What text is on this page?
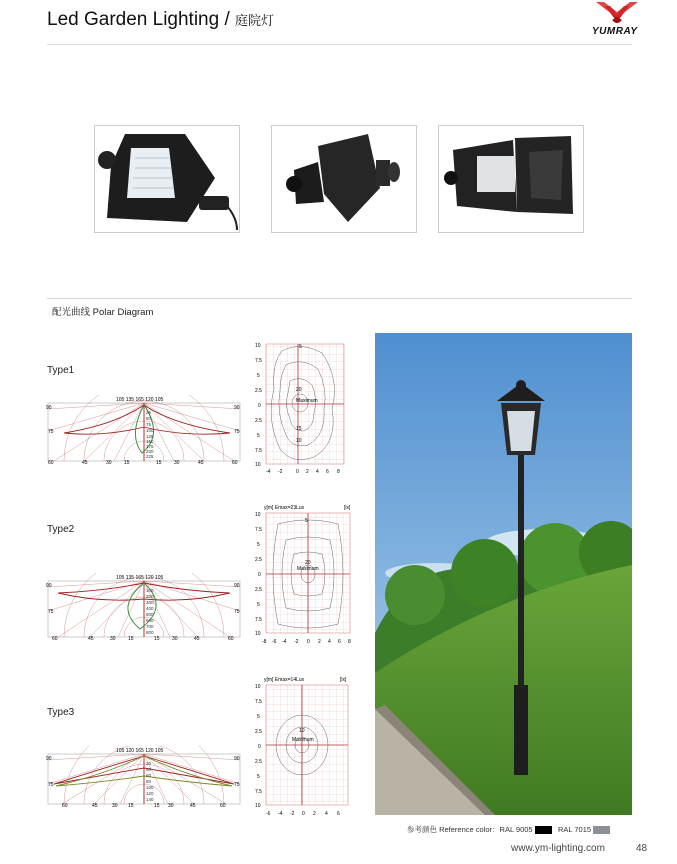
Led Garden Lighting / 庭院灯
YUMRAY
配光曲线 Polar Diagram
Type1
Type2
Type3
105 135 165 120 105
90	90
75	75
25
50
75
100
125
150
175
200
225
60	45	30 15	15 30	45	60
105 135 165 120 105
90	90
75	75
100
200
300
400
500
600
700
800
60	45	30 15	15 30	45	60
105 120 165 120 105
90	90
75	75
20
40
60
80
100
120
140
60	45	30 15	15 30	45	60
Maximum
5
20
15
10
10
7.5
5
2.5
0
2.5
5
7.5
10
-4 -2	0 2 4 6 8
y[m] Emax=23Lux	[lx]
5
20
Maximum
10
7.5
5
2.5
0
2.5
5
7.5
10
-8 -6 -4 -2 0 2 4 6 8
y[m] Emax=14Lux	[lx]
10
Maximum
10
7.5
5
2.5
0
2.5
5
7.5
10
-6 -4 -2 0 2 4 6
参考颜色 Reference color：RAL 9005	RAL 7015
www.ym-lighting.com	48
